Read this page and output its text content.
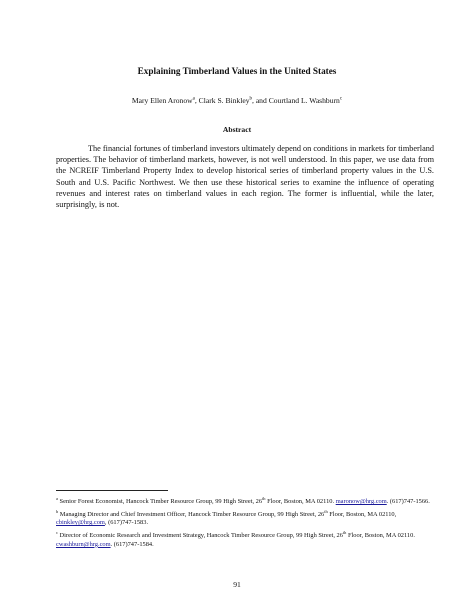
Explaining Timberland Values in the United States
Mary Ellen Aronow$^a$, Clark S. Binkley$^b$, and Courtland L. Washburn$^c$
Abstract

The financial fortunes of timberland investors ultimately depend on conditions in markets for timberland properties. The behavior of timberland markets, however, is not well understood. In this paper, we use data from the NCREIF Timberland Property Index to develop historical series of timberland property values in the U.S. South and U.S. Pacific Northwest. We then use these historical series to examine the influence of operating revenues and interest rates on timberland values in each region. The former is influential, while the later, surprisingly, is not.

$^a$ Senior Forest Economist, Hancock Timber Resource Group, 99 High Street, 26th Floor, Boston, MA 02110. maronow@hrg.com. (617)747-1566.

$^b$ Managing Director and Chief Investment Officer, Hancock Timber Resource Group, 99 High Street, 26th Floor, Boston, MA 02110, cbinkley@hrg.com, (617)747-1583.

$^c$ Director of Economic Research and Investment Strategy, Hancock Timber Resource Group, 99 High Street, 26th Floor, Boston, MA 02110. cwashburn@hrg.com. (617)747-1584.

91
